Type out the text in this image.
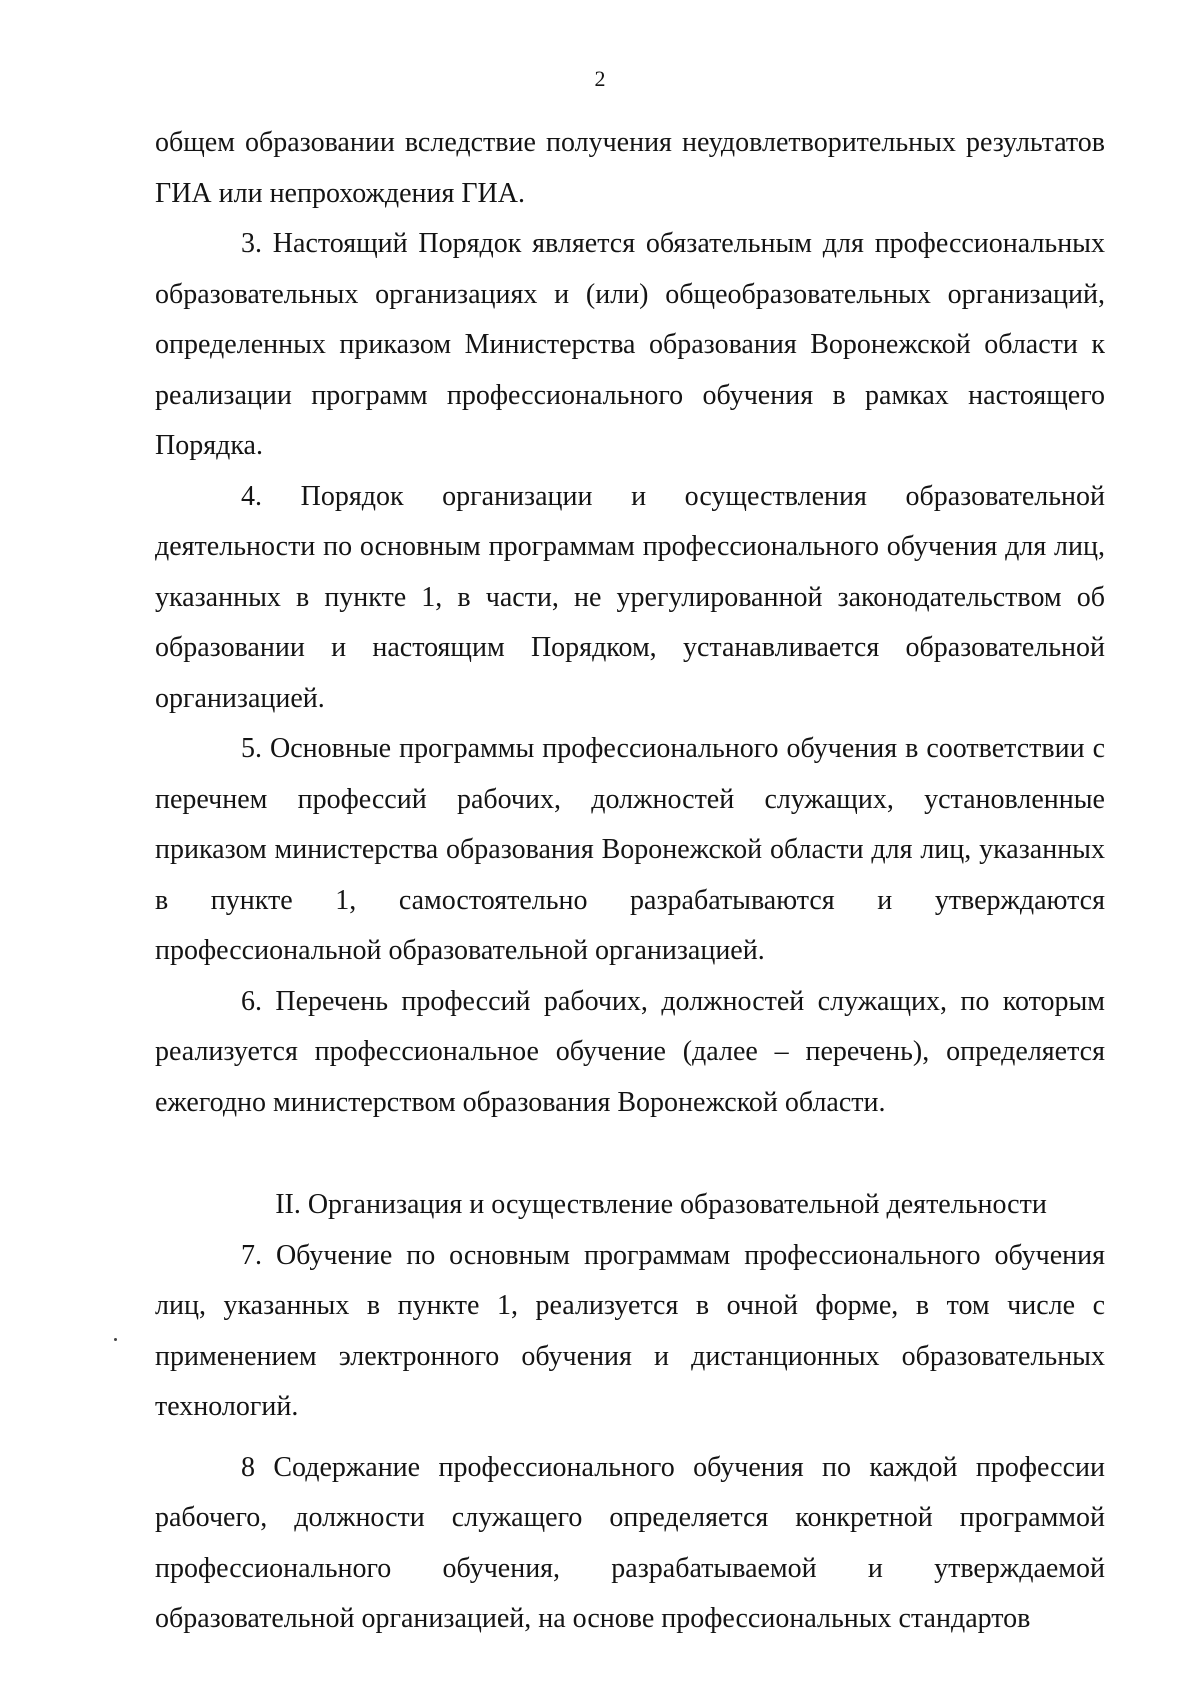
2

общем образовании вследствие получения неудовлетворительных результатов ГИА или непрохождения ГИА.

3. Настоящий Порядок является обязательным для профессиональных образовательных организациях и (или) общеобразовательных организаций, определенных приказом Министерства образования Воронежской области к реализации программ профессионального обучения в рамках настоящего Порядка.

4. Порядок организации и осуществления образовательной деятельности по основным программам профессионального обучения для лиц, указанных в пункте 1, в части, не урегулированной законодательством об образовании и настоящим Порядком, устанавливается образовательной организацией.

5. Основные программы профессионального обучения в соответствии с перечнем профессий рабочих, должностей служащих, установленные приказом министерства образования Воронежской области для лиц, указанных в пункте 1, самостоятельно разрабатываются и утверждаются профессиональной образовательной организацией.

6. Перечень профессий рабочих, должностей служащих, по которым реализуется профессиональное обучение (далее – перечень), определяется ежегодно министерством образования Воронежской области.

II. Организация и осуществление образовательной деятельности

7. Обучение по основным программам профессионального обучения лиц, указанных в пункте 1, реализуется в очной форме, в том числе с применением электронного обучения и дистанционных образовательных технологий.

8 Содержание профессионального обучения по каждой профессии рабочего, должности служащего определяется конкретной программой профессионального обучения, разрабатываемой и утверждаемой образовательной организацией, на основе профессиональных стандартов
